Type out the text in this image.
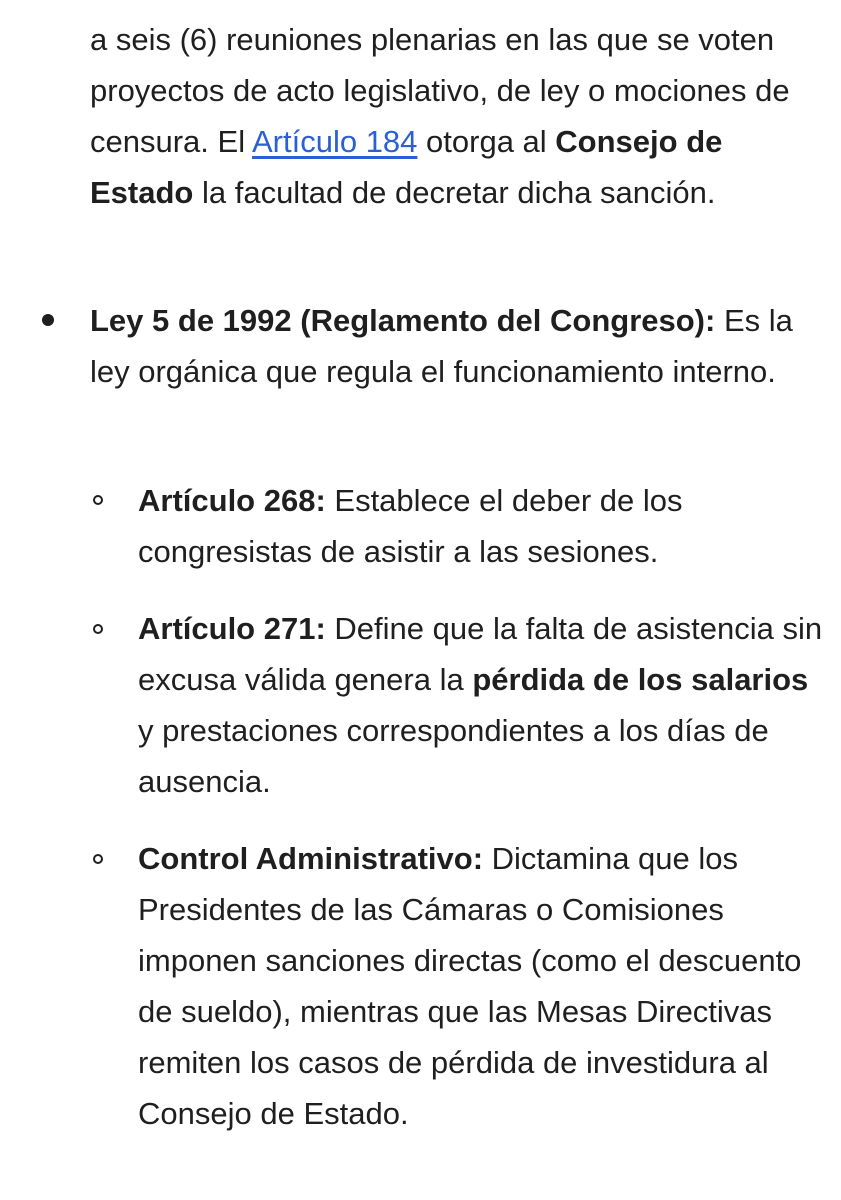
a seis (6) reuniones plenarias en las que se voten proyectos de acto legislativo, de ley o mociones de censura. El Artículo 184 otorga al Consejo de Estado la facultad de decretar dicha sanción.

Ley 5 de 1992 (Reglamento del Congreso): Es la ley orgánica que regula el funcionamiento interno.
Artículo 268: Establece el deber de los congresistas de asistir a las sesiones.
Artículo 271: Define que la falta de asistencia sin excusa válida genera la pérdida de los salarios y prestaciones correspondientes a los días de ausencia.
Control Administrativo: Dictamina que los Presidentes de las Cámaras o Comisiones imponen sanciones directas (como el descuento de sueldo), mientras que las Mesas Directivas remiten los casos de pérdida de investidura al Consejo de Estado.
